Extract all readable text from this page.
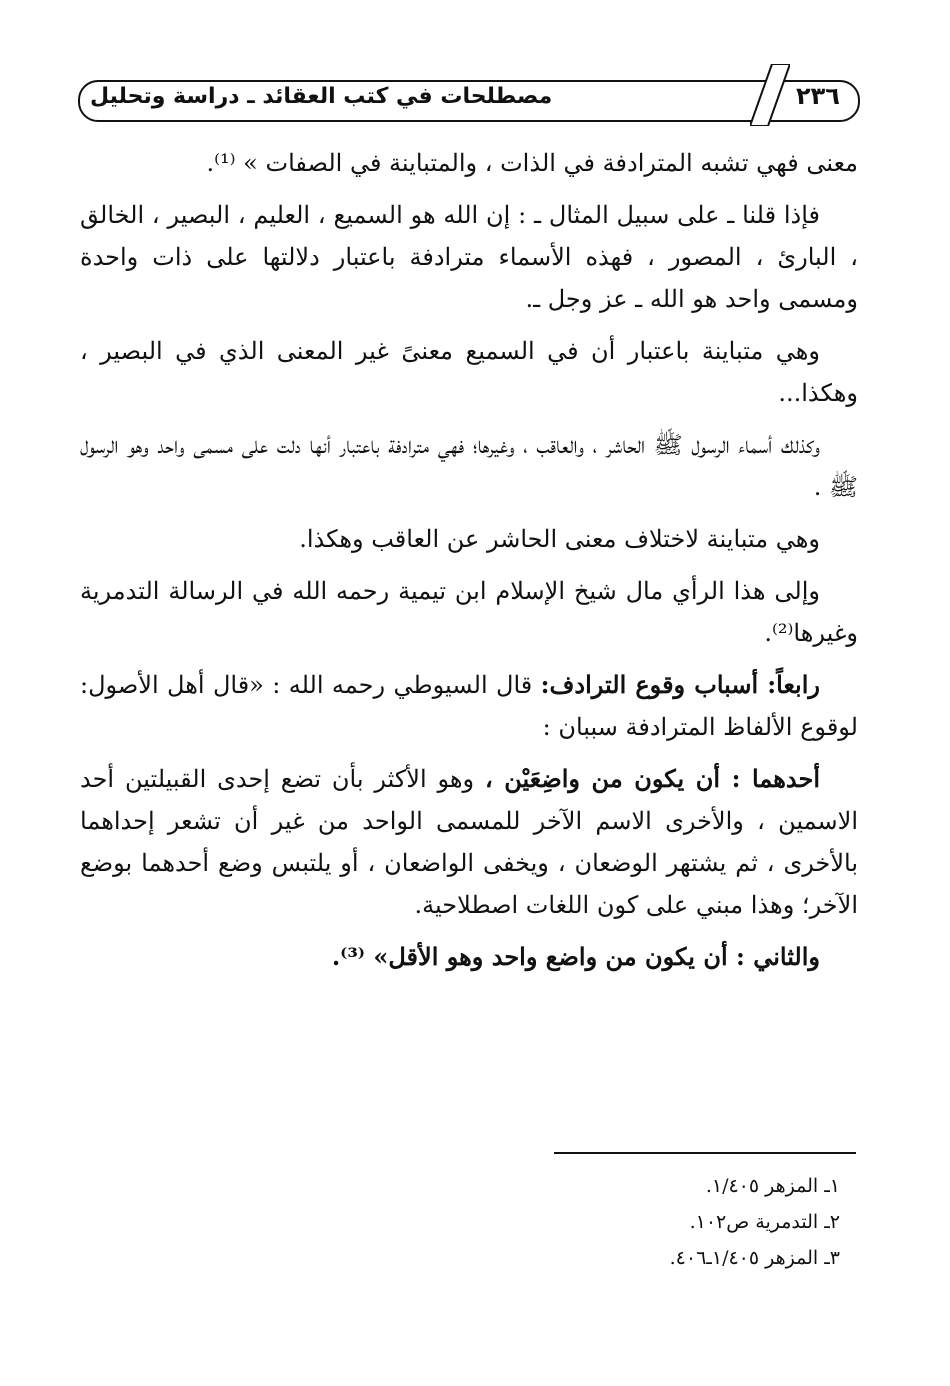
٢٣٦
مصطلحات في كتب العقائد ـ دراسة وتحليل

معنى فهي تشبه المترادفة في الذات ، والمتباينة في الصفات » ⁽¹⁾.

فإذا قلنا ـ على سبيل المثال ـ : إن الله هو السميع ، العليم ، البصير ، الخالق ، البارئ ، المصور ، فهذه الأسماء مترادفة باعتبار دلالتها على ذات واحدة ومسمى واحد هو الله ـ عز وجل ـ.

وهي متباينة باعتبار أن في السميع معنىً غير المعنى الذي في البصير ، وهكذا...

وكذلك أسماء الرسول ﷺ الحاشر ، والعاقب ، وغيرها؛ فهي مترادفة باعتبار أنها دلت على مسمى واحد وهو الرسول ﷺ .

وهي متباينة لاختلاف معنى الحاشر عن العاقب وهكذا.

وإلى هذا الرأي مال شيخ الإسلام ابن تيمية رحمه الله في الرسالة التدمرية وغيرها⁽²⁾.

رابعاً: أسباب وقوع الترادف: قال السيوطي رحمه الله : «قال أهل الأصول: لوقوع الألفاظ المترادفة سببان :

أحدهما : أن يكون من واضِعَيْن ، وهو الأكثر بأن تضع إحدى القبيلتين أحد الاسمين ، والأخرى الاسم الآخر للمسمى الواحد من غير أن تشعر إحداهما بالأخرى ، ثم يشتهر الوضعان ، ويخفى الواضعان ، أو يلتبس وضع أحدهما بوضع الآخر؛ وهذا مبني على كون اللغات اصطلاحية.

والثاني : أن يكون من واضع واحد وهو الأقل» ⁽³⁾.

١ـ المزهر ١/٤٠٥.

٢ـ التدمرية ص١٠٢.

٣ـ المزهر ١/٤٠٥ـ٤٠٦.
